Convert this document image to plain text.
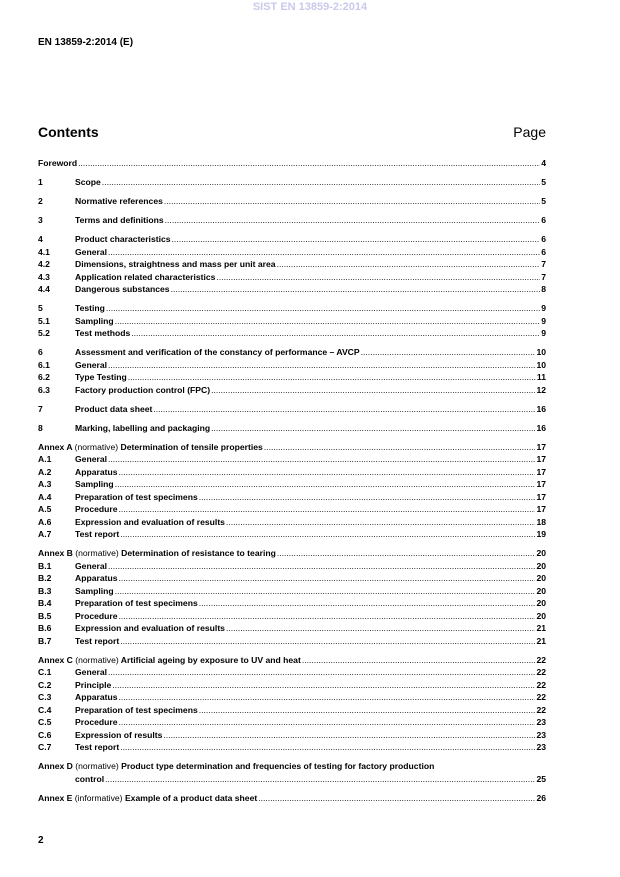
SIST EN 13859-2:2014
EN 13859-2:2014 (E)
Contents	Page
Foreword .....	4
1	Scope .....	5
2	Normative references .....	5
3	Terms and definitions .....	6
4	Product characteristics .....	6
4.1	General .....	6
4.2	Dimensions, straightness and mass per unit area .....	7
4.3	Application related characteristics .....	7
4.4	Dangerous substances .....	8
5	Testing .....	9
5.1	Sampling .....	9
5.2	Test methods .....	9
6	Assessment and verification of the constancy of performance – AVCP .....	10
6.1	General .....	10
6.2	Type Testing .....	11
6.3	Factory production control (FPC) .....	12
7	Product data sheet .....	16
8	Marking, labelling and packaging .....	16
Annex A (normative) Determination of tensile properties .....	17
A.1	General .....	17
A.2	Apparatus .....	17
A.3	Sampling .....	17
A.4	Preparation of test specimens .....	17
A.5	Procedure .....	17
A.6	Expression and evaluation of results .....	18
A.7	Test report .....	19
Annex B (normative) Determination of resistance to tearing .....	20
B.1	General .....	20
B.2	Apparatus .....	20
B.3	Sampling .....	20
B.4	Preparation of test specimens .....	20
B.5	Procedure .....	20
B.6	Expression and evaluation of results .....	21
B.7	Test report .....	21
Annex C (normative) Artificial ageing by exposure to UV and heat .....	22
C.1	General .....	22
C.2	Principle .....	22
C.3	Apparatus .....	22
C.4	Preparation of test specimens .....	22
C.5	Procedure .....	23
C.6	Expression of results .....	23
C.7	Test report .....	23
Annex D (normative) Product type determination and frequencies of testing for factory production
control .....	25
Annex E (informative) Example of a product data sheet .....	26
2
